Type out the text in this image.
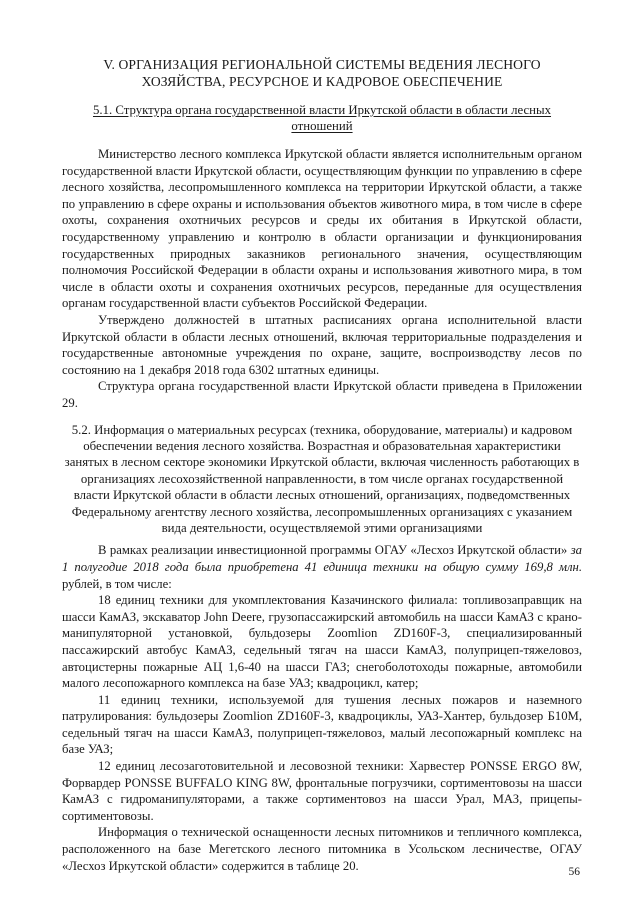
V. ОРГАНИЗАЦИЯ РЕГИОНАЛЬНОЙ СИСТЕМЫ ВЕДЕНИЯ ЛЕСНОГО ХОЗЯЙСТВА, РЕСУРСНОЕ И КАДРОВОЕ ОБЕСПЕЧЕНИЕ
5.1. Структура органа государственной власти Иркутской области в области лесных отношений

Министерство лесного комплекса Иркутской области является исполнительным органом государственной власти Иркутской области, осуществляющим функции по управлению в сфере лесного хозяйства, лесопромышленного комплекса на территории Иркутской области, а также по управлению в сфере охраны и использования объектов животного мира, в том числе в сфере охоты, сохранения охотничьих ресурсов и среды их обитания в Иркутской области, государственному управлению и контролю в области организации и функционирования государственных природных заказников регионального значения, осуществляющим полномочия Российской Федерации в области охраны и использования животного мира, в том числе в области охоты и сохранения охотничьих ресурсов, переданные для осуществления органам государственной власти субъектов Российской Федерации.

Утверждено должностей в штатных расписаниях органа исполнительной власти Иркутской области в области лесных отношений, включая территориальные подразделения и государственные автономные учреждения по охране, защите, воспроизводству лесов по состоянию на 1 декабря 2018 года 6302 штатных единицы.

Структура органа государственной власти Иркутской области приведена в Приложении 29.

5.2. Информация о материальных ресурсах (техника, оборудование, материалы) и кадровом обеспечении ведения лесного хозяйства. Возрастная и образовательная характеристики занятых в лесном секторе экономики Иркутской области, включая численность работающих в организациях лесохозяйственной направленности, в том числе органах государственной власти Иркутской области в области лесных отношений, организациях, подведомственных Федеральному агентству лесного хозяйства, лесопромышленных организациях с указанием вида деятельности, осуществляемой этими организациями

В рамках реализации инвестиционной программы ОГАУ «Лесхоз Иркутской области» за 1 полугодие 2018 года была приобретена 41 единица техники на общую сумму 169,8 млн. рублей, в том числе:

18 единиц техники для укомплектования Казачинского филиала: топливозаправщик на шасси КамАЗ, экскаватор John Deere, грузопассажирский автомобиль на шасси КамАЗ с крано-манипуляторной установкой, бульдозеры Zoomlion ZD160F-3, специализированный пассажирский автобус КамАЗ, седельный тягач на шасси КамАЗ, полуприцеп-тяжеловоз, автоцистерны пожарные АЦ 1,6-40 на шасси ГАЗ; снегоболотоходы пожарные, автомобили малого лесопожарного комплекса на базе УАЗ; квадроцикл, катер;

11 единиц техники, используемой для тушения лесных пожаров и наземного патрулирования: бульдозеры Zoomlion ZD160F-3, квадроциклы, УАЗ-Хантер, бульдозер Б10М, седельный тягач на шасси КамАЗ, полуприцеп-тяжеловоз, малый лесопожарный комплекс на базе УАЗ;

12 единиц лесозаготовительной и лесовозной техники: Харвестер PONSSE ERGO 8W, Форвардер PONSSE BUFFALO KING 8W, фронтальные погрузчики, сортиментовозы на шасси КамАЗ с гидроманипуляторами, а также сортиментовоз на шасси Урал, МАЗ, прицепы-сортиментовозы.

Информация о технической оснащенности лесных питомников и тепличного комплекса, расположенного на базе Мегетского лесного питомника в Усольском лесничестве, ОГАУ «Лесхоз Иркутской области» содержится в таблице 20.	56
